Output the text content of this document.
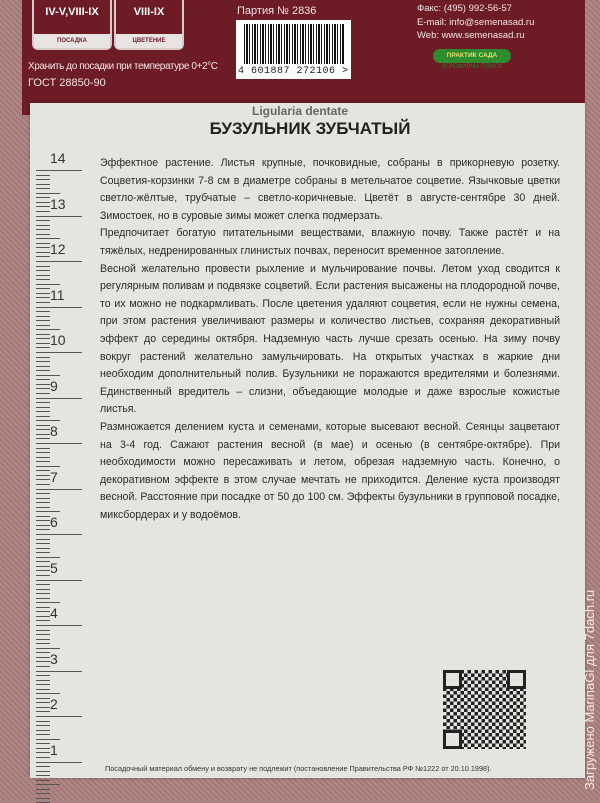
IV-V,VIII-IX
ПОСАДКА
VIII-IX
ЦВЕТЕНИЕ
Хранить до посадки при температуре 0+2°С
ГОСТ 28850-90
Партия № 2836
4 601887 272106 >
Факс: (495) 992-56-57
E-mail: info@semenasad.ru
Web: www.semenasad.ru
ПРАКТИК САДА
АГРОФИРМА ПОИСК
14
13
12
11
10
9
8
7
6
5
4
3
2
1
Ligularia dentate
БУЗУЛЬНИК ЗУБЧАТЫЙ

Эффектное растение. Листья крупные, почковидные, собраны в прикорневую розетку. Соцветия-корзинки 7-8 см в диаметре собраны в метельчатое соцветие. Язычковые цветки светло-жёлтые, трубчатые – светло-коричневые. Цветёт в августе-сентябре 30 дней. Зимостоек, но в суровые зимы может слегка подмерзать.

Предпочитает богатую питательными веществами, влажную почву. Также растёт и на тяжёлых, недренированных глинистых почвах, переносит временное затопление.

Весной желательно провести рыхление и мульчирование почвы. Летом уход сводится к регулярным поливам и подвязке соцветий. Если растения высажены на плодородной почве, то их можно не подкармливать. После цветения удаляют соцветия, если не нужны семена, при этом растения увеличивают размеры и количество листьев, сохраняя декоративный эффект до середины октября. Надземную часть лучше срезать осенью. На зиму почву вокруг растений желательно замульчировать. На открытых участках в жаркие дни необходим дополнительный полив. Бузульники не поражаются вредителями и болезнями. Единственный вредитель – слизни, объедающие молодые и даже взрослые кожистые листья.

Размножается делением куста и семенами, которые высевают весной. Сеянцы зацветают на 3-4 год. Сажают растения весной (в мае) и осенью (в сентябре-октябре). При необходимости можно пересаживать и летом, обрезая надземную часть. Конечно, о декоративном эффекте в этом случае мечтать не приходится. Деление куста производят весной. Расстояние при посадке от 50 до 100 см. Эффекты бузульники в групповой посадке, миксбордерах и у водоёмов.

Посадочный материал обмену и возврату не подлежит (постановление Правительства РФ №1222 от 20.10.1998).	Загружено MarinaGl для 7dach.ru
